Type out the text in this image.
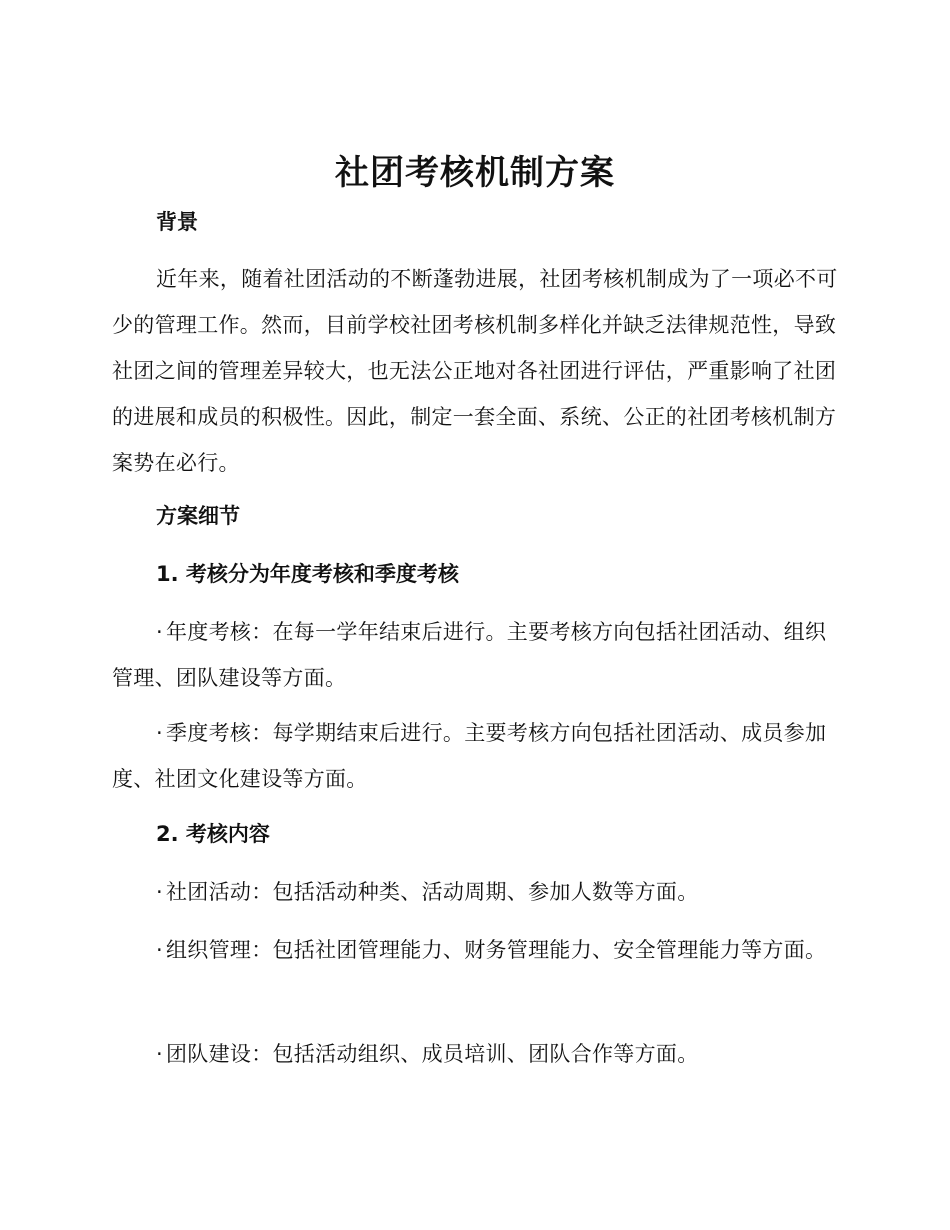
社团考核机制方案
背景

近年来，随着社团活动的不断蓬勃进展，社团考核机制成为了一项必不可少的管理工作。然而，目前学校社团考核机制多样化并缺乏法律规范性，导致社团之间的管理差异较大，也无法公正地对各社团进行评估，严重影响了社团的进展和成员的积极性。因此，制定一套全面、系统、公正的社团考核机制方案势在必行。

方案细节
1. 考核分为年度考核和季度考核

· 年度考核：在每一学年结束后进行。主要考核方向包括社团活动、组织管理、团队建设等方面。

· 季度考核：每学期结束后进行。主要考核方向包括社团活动、成员参加度、社团文化建设等方面。

2. 考核内容

· 社团活动：包括活动种类、活动周期、参加人数等方面。

· 组织管理：包括社团管理能力、财务管理能力、安全管理能力等方面。

· 团队建设：包括活动组织、成员培训、团队合作等方面。
